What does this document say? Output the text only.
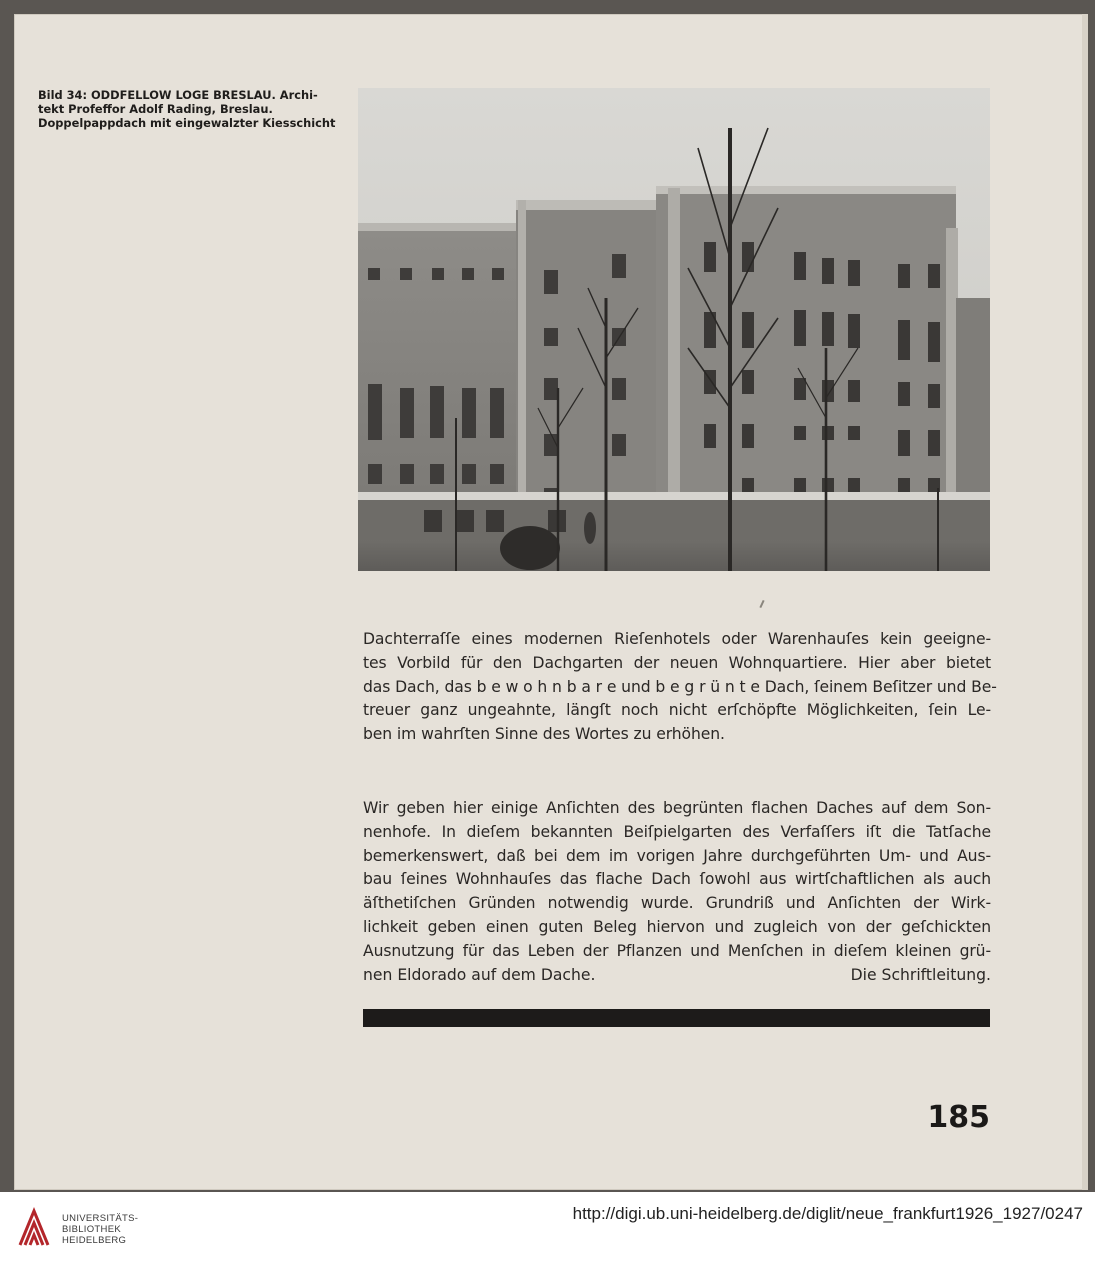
Bild 34: ODDFELLOW LOGE BRESLAU. Archi-
tekt Profeffor Adolf Rading, Breslau.
Doppelpappdach mit eingewalzter Kiesschicht
Dachterraſſe eines modernen Rieſenhotels oder Warenhauſes kein geeigne-
tes Vorbild für den Dachgarten der neuen Wohnquartiere. Hier aber bietet
das Dach, das b e w o h n b a r e und b e g r ü n t e Dach, ſeinem Beſitzer und Be-
treuer ganz ungeahnte, längſt noch nicht erſchöpfte Möglichkeiten, ſein Le-
ben im wahrſten Sinne des Wortes zu erhöhen.
Wir geben hier einige Anſichten des begrünten flachen Daches auf dem Son-
nenhofe. In dieſem bekannten Beiſpielgarten des Verfaſſers iſt die Tatſache
bemerkenswert, daß bei dem im vorigen Jahre durchgeführten Um- und Aus-
bau ſeines Wohnhauſes das flache Dach ſowohl aus wirtſchaftlichen als auch
äſthetiſchen Gründen notwendig wurde. Grundriß und Anſichten der Wirk-
lichkeit geben einen guten Beleg hiervon und zugleich von der geſchickten
Ausnutzung für das Leben der Pflanzen und Menſchen in dieſem kleinen grü-
nen Eldorado auf dem Dache.	Die Schriftleitung.
185
UNIVERSITÄTS-
BIBLIOTHEK
HEIDELBERG
http://digi.ub.uni-heidelberg.de/diglit/neue_frankfurt1926_1927/0247
